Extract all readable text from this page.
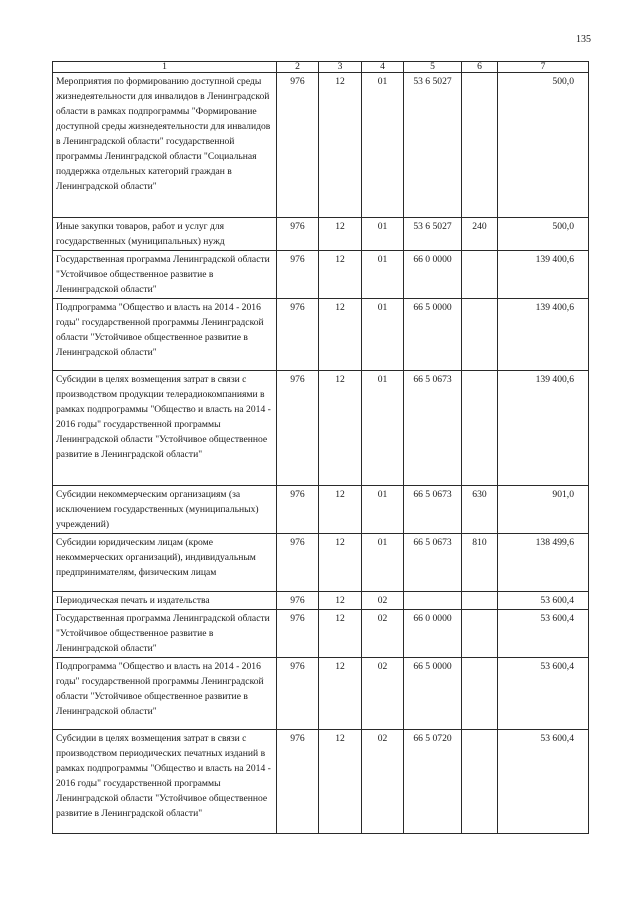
135
1	2	3	4	5	6	7
Мероприятия по формированию доступной среды жизнедеятельности для инвалидов в Ленинградской области в рамках подпрограммы "Формирование доступной среды жизнедеятельности для инвалидов в Ленинградской области" государственной программы Ленинградской области "Социальная поддержка отдельных категорий граждан в Ленинградской области"	976	12	01	53 6 5027		500,0
Иные закупки товаров, работ и услуг для государственных (муниципальных) нужд	976	12	01	53 6 5027	240	500,0
Государственная программа Ленинградской области "Устойчивое общественное развитие в Ленинградской области"	976	12	01	66 0 0000		139 400,6
Подпрограмма "Общество и власть на 2014 - 2016 годы" государственной программы Ленинградской области "Устойчивое общественное развитие в Ленинградской области"	976	12	01	66 5 0000		139 400,6
Субсидии в целях возмещения затрат в связи с производством продукции телерадиокомпаниями в рамках подпрограммы "Общество и власть на 2014 - 2016 годы" государственной программы Ленинградской области "Устойчивое общественное развитие в Ленинградской области"	976	12	01	66 5 0673		139 400,6
Субсидии некоммерческим организациям (за исключением государственных (муниципальных) учреждений)	976	12	01	66 5 0673	630	901,0
Субсидии юридическим лицам (кроме некоммерческих организаций), индивидуальным предпринимателям, физическим лицам	976	12	01	66 5 0673	810	138 499,6
Периодическая печать и издательства	976	12	02			53 600,4
Государственная программа Ленинградской области "Устойчивое общественное развитие в Ленинградской области"	976	12	02	66 0 0000		53 600,4
Подпрограмма "Общество и власть на 2014 - 2016 годы" государственной программы Ленинградской области "Устойчивое общественное развитие в Ленинградской области"	976	12	02	66 5 0000		53 600,4
Субсидии в целях возмещения затрат в связи с производством периодических печатных изданий в рамках подпрограммы "Общество и власть на 2014 - 2016 годы" государственной программы Ленинградской области "Устойчивое общественное развитие в Ленинградской области"	976	12	02	66 5 0720		53 600,4
